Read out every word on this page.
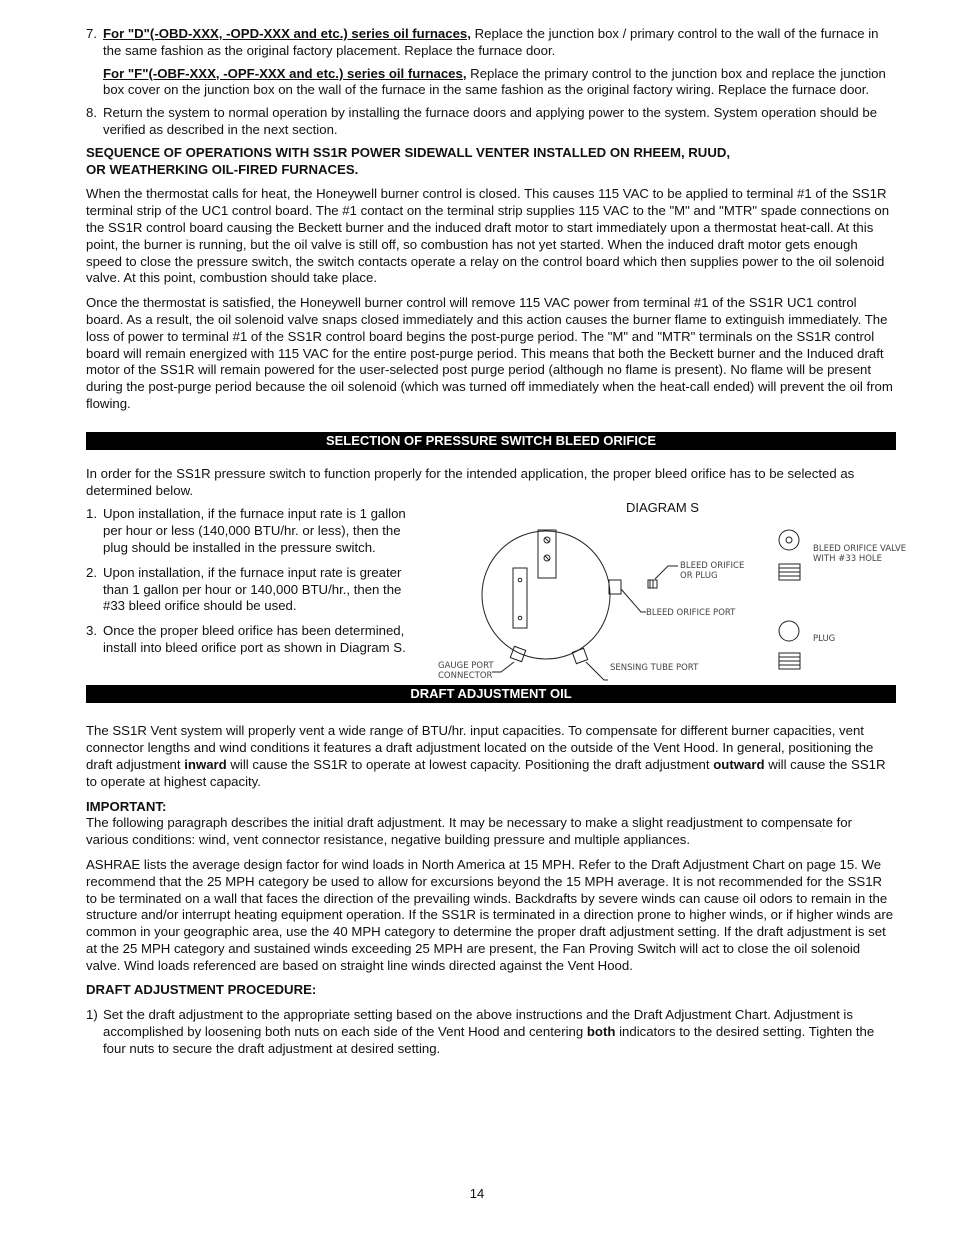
7. For "D"(-OBD-XXX, -OPD-XXX and etc.) series oil furnaces, Replace the junction box / primary control to the wall of the furnace in the same fashion as the original factory placement. Replace the furnace door.

For "F"(-OBF-XXX, -OPF-XXX and etc.) series oil furnaces, Replace the primary control to the junction box and replace the junction box cover on the junction box on the wall of the furnace in the same fashion as the original factory wiring. Replace the furnace door.

8. Return the system to normal operation by installing the furnace doors and applying power to the system. System operation should be verified as described in the next section.

SEQUENCE OF OPERATIONS WITH SS1R POWER SIDEWALL VENTER INSTALLED ON RHEEM, RUUD,
OR WEATHERKING OIL-FIRED FURNACES.

When the thermostat calls for heat, the Honeywell burner control is closed. This causes 115 VAC to be applied to terminal #1 of the SS1R terminal strip of the UC1 control board. The #1 contact on the terminal strip supplies 115 VAC to the "M" and "MTR" spade connections on the SS1R control board causing the Beckett burner and the induced draft motor to start immediately upon a thermostat heat-call. At this point, the burner is running, but the oil valve is still off, so combustion has not yet started. When the induced draft motor gets enough speed to close the pressure switch, the switch contacts operate a relay on the control board which then supplies power to the oil solenoid valve. At this point, combustion should take place.

Once the thermostat is satisfied, the Honeywell burner control will remove 115 VAC power from terminal #1 of the SS1R UC1 control board. As a result, the oil solenoid valve snaps closed immediately and this action causes the burner flame to extinguish immediately. The loss of power to terminal #1 of the SS1R control board begins the post-purge period. The "M" and "MTR" terminals on the SS1R control board will remain energized with 115 VAC for the entire post-purge period. This means that both the Beckett burner and the Induced draft motor of the SS1R will remain powered for the user-selected post purge period (although no flame is present). No flame will be present during the post-purge period because the oil solenoid (which was turned off immediately when the heat-call ended) will prevent the oil from flowing.

SELECTION OF PRESSURE SWITCH BLEED ORIFICE

In order for the SS1R pressure switch to function properly for the intended application, the proper bleed orifice has to be selected as determined below.

1. Upon installation, if the furnace input rate is 1 gallon per hour or less (140,000 BTU/hr. or less), then the plug should be installed in the pressure switch.

2. Upon installation, if the furnace input rate is greater than 1 gallon per hour or 140,000 BTU/hr., then the #33 bleed orifice should be used.

3. Once the proper bleed orifice has been determined, install into bleed orifice port as shown in Diagram S.

DIAGRAM S
BLEED ORIFICE
OR PLUG
BLEED ORIFICE PORT
GAUGE PORT
CONNECTOR
SENSING TUBE PORT
BLEED ORIFICE VALVE
WITH #33 HOLE
PLUG
DRAFT ADJUSTMENT OIL

The SS1R Vent system will properly vent a wide range of BTU/hr. input capacities. To compensate for different burner capacities, vent connector lengths and wind conditions it features a draft adjustment located on the outside of the Vent Hood. In general, positioning the draft adjustment inward will cause the SS1R to operate at lowest capacity. Positioning the draft adjustment outward will cause the SS1R to operate at highest capacity.

IMPORTANT:

The following paragraph describes the initial draft adjustment. It may be necessary to make a slight readjustment to compensate for various conditions: wind, vent connector resistance, negative building pressure and multiple appliances.

ASHRAE lists the average design factor for wind loads in North America at 15 MPH. Refer to the Draft Adjustment Chart on page 15. We recommend that the 25 MPH category be used to allow for excursions beyond the 15 MPH average. It is not recommended for the SS1R to be terminated on a wall that faces the direction of the prevailing winds. Backdrafts by severe winds can cause oil odors to remain in the structure and/or interrupt heating equipment operation. If the SS1R is terminated in a direction prone to higher winds, or if higher winds are common in your geographic area, use the 40 MPH category to determine the proper draft adjustment setting. If the draft adjustment is set at the 25 MPH category and sustained winds exceeding 25 MPH are present, the Fan Proving Switch will act to close the oil solenoid valve. Wind loads referenced are based on straight line winds directed against the Vent Hood.

DRAFT ADJUSTMENT PROCEDURE:

1) Set the draft adjustment to the appropriate setting based on the above instructions and the Draft Adjustment Chart. Adjustment is accomplished by loosening both nuts on each side of the Vent Hood and centering both indicators to the desired setting. Tighten the four nuts to secure the draft adjustment at desired setting.

14
